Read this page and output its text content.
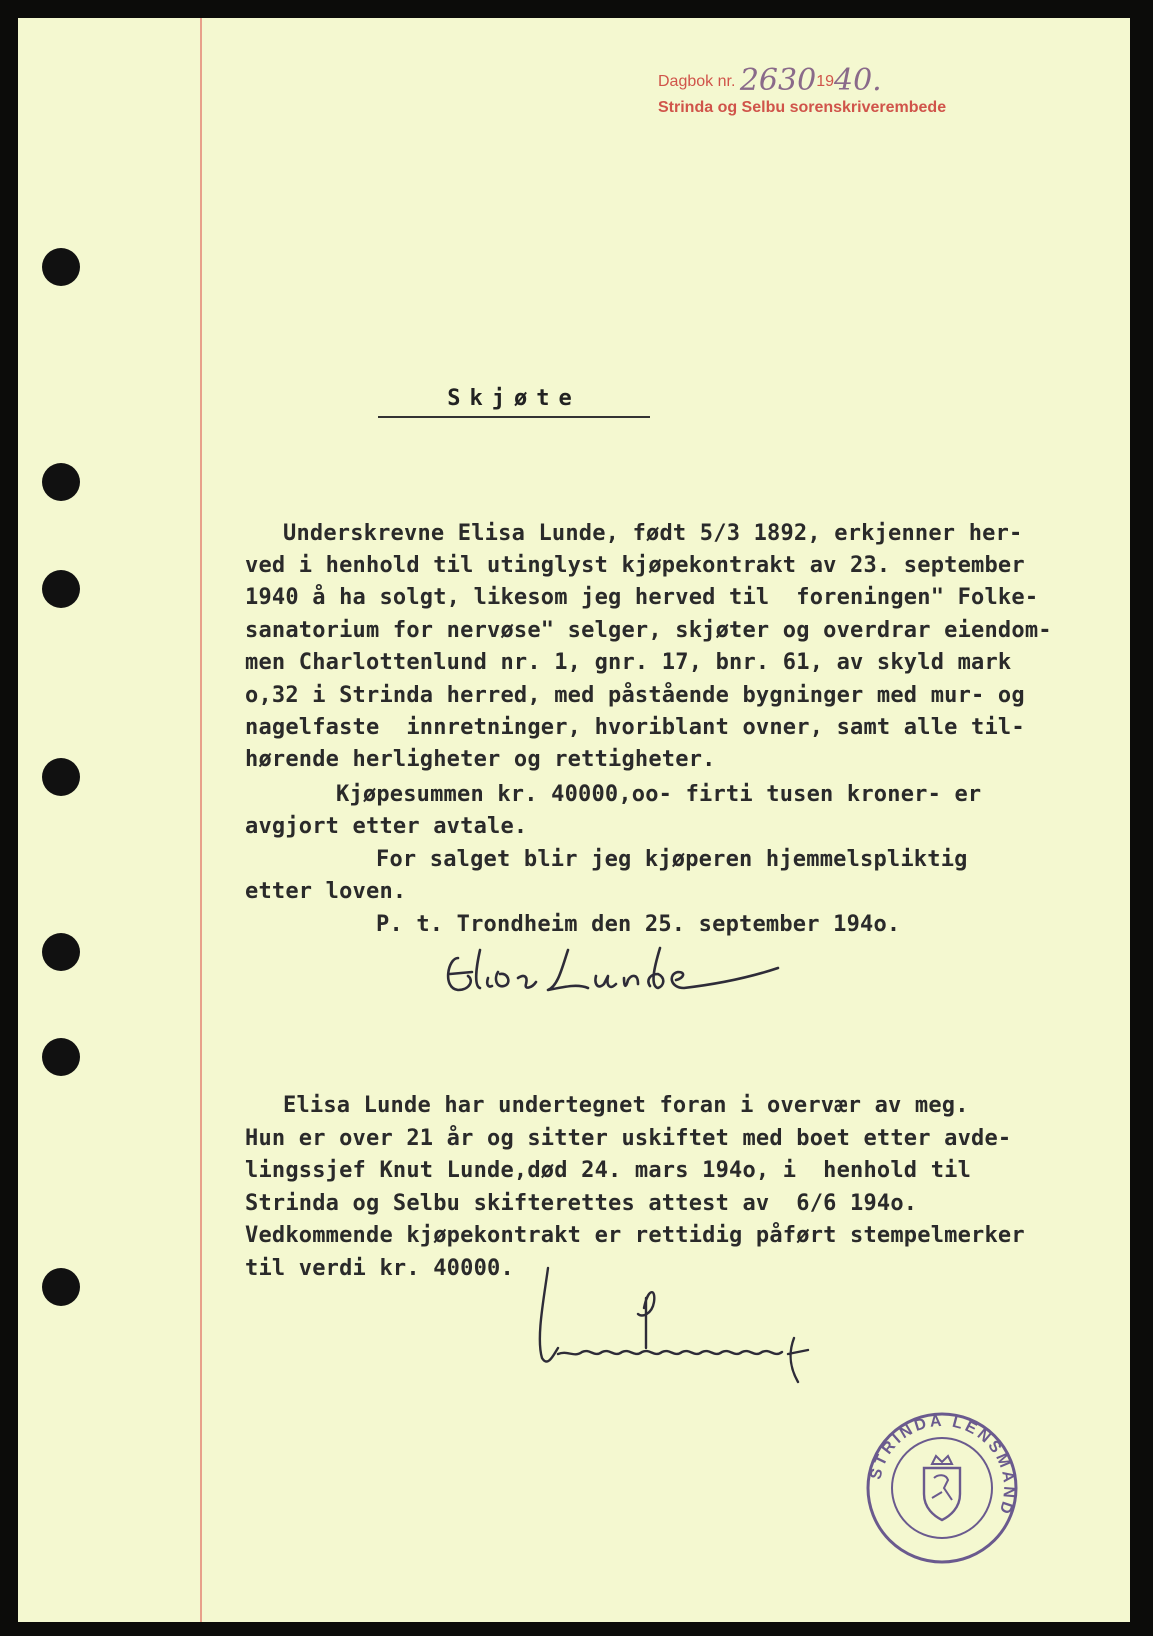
Dagbok nr. 26301940.
Strinda og Selbu sorenskriverembede
Skjøte
Underskrevne Elisa Lunde, født 5/3 1892, erkjenner her-
ved i henhold til utinglyst kjøpekontrakt av 23. september
1940 å ha solgt, likesom jeg herved til  foreningen" Folke-
sanatorium for nervøse" selger, skjøter og overdrar eiendom-
men Charlottenlund nr. 1, gnr. 17, bnr. 61, av skyld mark
o,32 i Strinda herred, med påstående bygninger med mur- og
nagelfaste  innretninger, hvoriblant ovner, samt alle til-
hørende herligheter og rettigheter.
Kjøpesummen kr. 40000,oo- firti tusen kroner- er
avgjort etter avtale.
For salget blir jeg kjøperen hjemmelspliktig
etter loven.
P. t. Trondheim den 25. september 194o.
Elisa Lunde har undertegnet foran i overvær av meg.
Hun er over 21 år og sitter uskiftet med boet etter avde-
lingssjef Knut Lunde,død 24. mars 194o, i  henhold til
Strinda og Selbu skifterettes attest av  6/6 194o.
Vedkommende kjøpekontrakt er rettidig påført stempelmerker
til verdi kr. 40000.
STRINDA LENSMAND
